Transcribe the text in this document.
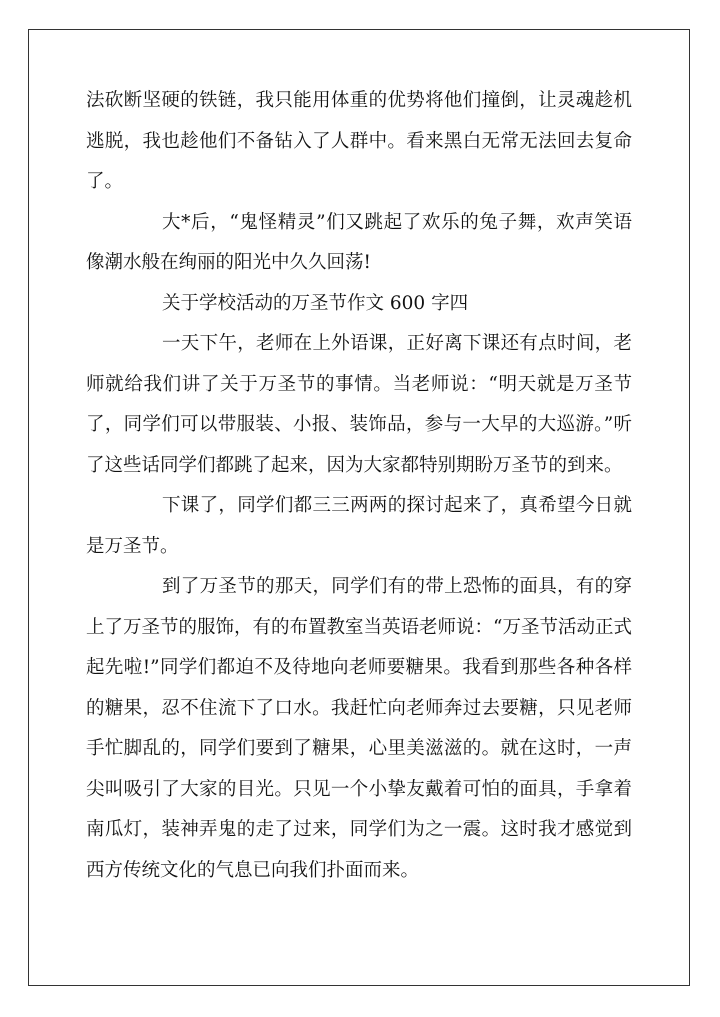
法砍断坚硬的铁链，我只能用体重的优势将他们撞倒，让灵魂趁机逃脱，我也趁他们不备钻入了人群中。看来黑白无常无法回去复命了。

大*后，“鬼怪精灵”们又跳起了欢乐的兔子舞，欢声笑语像潮水般在绚丽的阳光中久久回荡!

关于学校活动的万圣节作文 600 字四

一天下午，老师在上外语课，正好离下课还有点时间，老师就给我们讲了关于万圣节的事情。当老师说：“明天就是万圣节了，同学们可以带服装、小报、装饰品，参与一大早的大巡游。”听了这些话同学们都跳了起来，因为大家都特别期盼万圣节的到来。

下课了，同学们都三三两两的探讨起来了，真希望今日就是万圣节。

到了万圣节的那天，同学们有的带上恐怖的面具，有的穿上了万圣节的服饰，有的布置教室当英语老师说：“万圣节活动正式起先啦!”同学们都迫不及待地向老师要糖果。我看到那些各种各样的糖果，忍不住流下了口水。我赶忙向老师奔过去要糖，只见老师手忙脚乱的，同学们要到了糖果，心里美滋滋的。就在这时，一声尖叫吸引了大家的目光。只见一个小挚友戴着可怕的面具，手拿着南瓜灯，装神弄鬼的走了过来，同学们为之一震。这时我才感觉到西方传统文化的气息已向我们扑面而来。
